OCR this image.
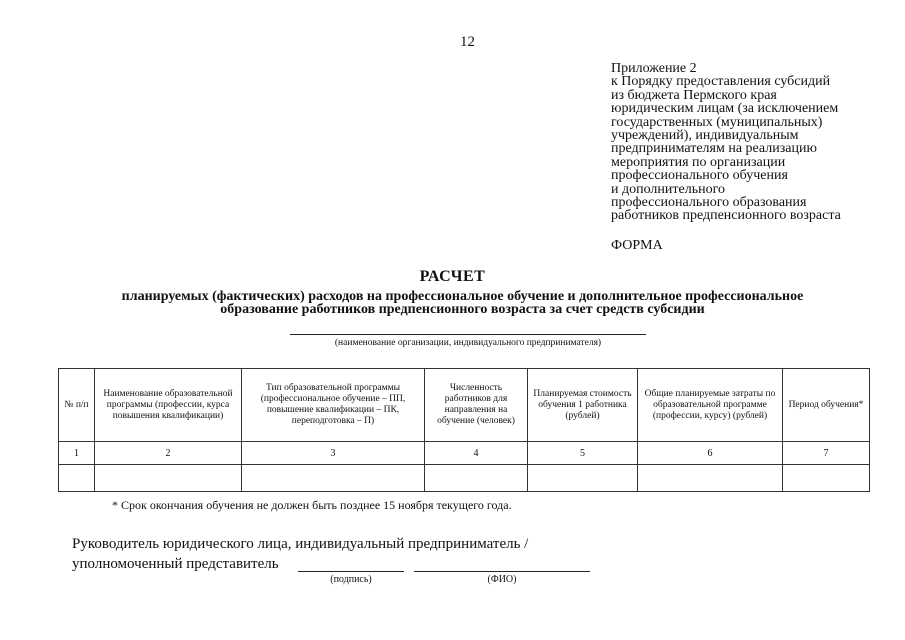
12
Приложение 2
к Порядку предоставления субсидий
из бюджета Пермского края
юридическим лицам (за исключением
государственных (муниципальных)
учреждений), индивидуальным
предпринимателям на реализацию
мероприятия по организации
профессионального обучения
и дополнительного
профессионального образования
работников предпенсионного возраста
ФОРМА
РАСЧЕТ
планируемых (фактических) расходов на профессиональное обучение и дополнительное профессиональное
образование работников предпенсионного возраста за счет средств субсидии
(наименование организации, индивидуального предпринимателя)
№ п/п	Наименование образовательной программы (профессии, курса повышения квалификации)	Тип образовательной программы (профессиональное обучение – ПП, повышение квалификации – ПК, переподготовка – П)	Численность работников для направления на обучение (человек)	Планируемая стоимость обучения 1 работника (рублей)	Общие планируемые затраты по образовательной программе (профессии, курсу) (рублей)	Период обучения*
1	2	3	4	5	6	7

* Срок окончания обучения не должен быть позднее 15 ноября текущего года.
Руководитель юридического лица, индивидуальный предприниматель /
уполномоченный представитель
(подпись)	(ФИО)
